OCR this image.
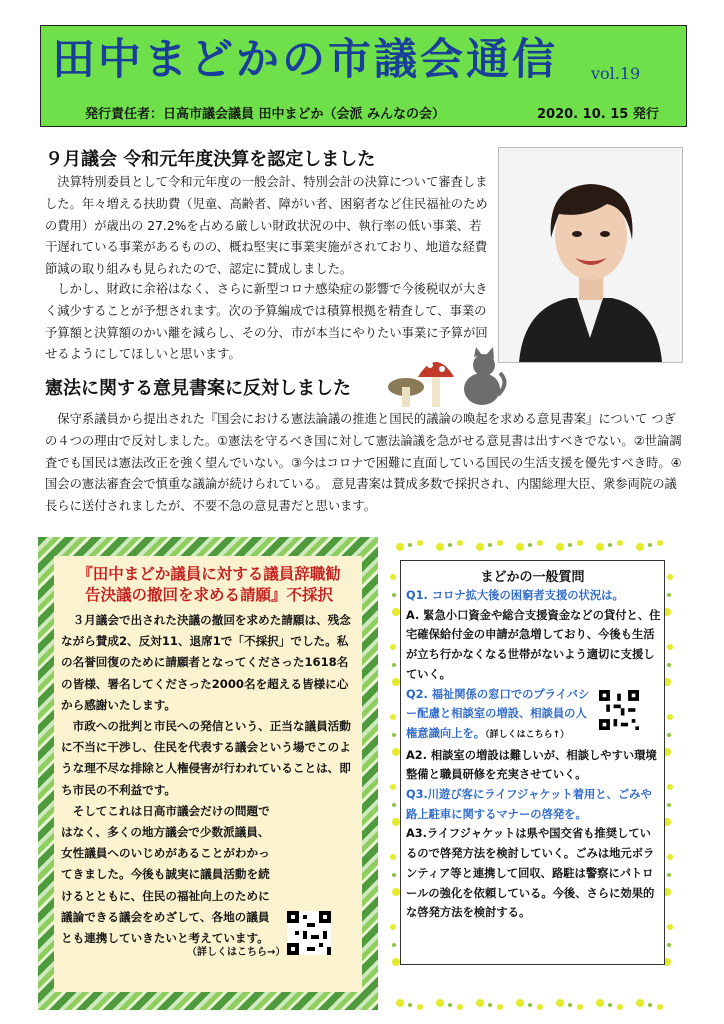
田中まどかの市議会通信	vol.19
発行責任者：日高市議会議員 田中まどか（会派 みんなの会）	2020. 10. 15 発行
９月議会 令和元年度決算を認定しました

決算特別委員として令和元年度の一般会計、特別会計の決算について審査しました。年々増える扶助費（児童、高齢者、障がい者、困窮者など住民福祉のための費用）が歳出の 27.2%を占める厳しい財政状況の中、執行率の低い事業、若干遅れている事業があるものの、概ね堅実に事業実施がされており、地道な経費節減の取り組みも見られたので、認定に賛成しました。

しかし、財政に余裕はなく、さらに新型コロナ感染症の影響で今後税収が大きく減少することが予想されます。次の予算編成では積算根拠を精査して、事業の予算額と決算額のかい離を減らし、その分、市が本当にやりたい事業に予算が回せるようにしてほしいと思います。

憲法に関する意見書案に反対しました

保守系議員から提出された『国会における憲法論議の推進と国民的議論の喚起を求める意見書案』について つぎの４つの理由で反対しました。①憲法を守るべき国に対して憲法論議を急がせる意見書は出すべきでない。②世論調査でも国民は憲法改正を強く望んでいない。③今はコロナで困難に直面している国民の生活支援を優先すべき時。④国会の憲法審査会で慎重な議論が続けられている。 意見書案は賛成多数で採択され、内閣総理大臣、衆参両院の議長らに送付されましたが、不要不急の意見書だと思います。

『田中まどか議員に対する議員辞職勧
告決議の撤回を求める請願』不採択

３月議会で出された決議の撤回を求めた請願は、残念ながら賛成2、反対11、退席1で「不採択」でした。私の名誉回復のために請願者となってくださった1618名の皆様、署名してくださった2000名を超える皆様に心から感謝いたします。

市政への批判と市民への発信という、正当な議員活動に不当に干渉し、住民を代表する議会という場でこのような理不尽な排除と人権侵害が行われていることは、即ち市民の不利益です。

そしてこれは日高市議会だけの問題ではなく、多くの地方議会で少数派議員、女性議員へのいじめがあることがわかってきました。今後も誠実に議員活動を続けるとともに、住民の福祉向上のために議論できる議会をめざして、各地の議員とも連携していきたいと考えています。

（詳しくはこちら→）
まどかの一般質問

Q1. コロナ拡大後の困窮者支援の状況は。

A. 緊急小口資金や総合支援資金などの貸付と、住宅確保給付金の申請が急増しており、今後も生活が立ち行かなくなる世帯がないよう適切に支援していく。

Q2. 福祉関係の窓口でのプライバシー配慮と相談室の増設、相談員の人権意識向上を。（詳しくはこちら↑）

A2. 相談室の増設は難しいが、相談しやすい環境整備と職員研修を充実させていく。

Q3.川遊び客にライフジャケット着用と、ごみや路上駐車に関するマナーの啓発を。

A3.ライフジャケットは県や国交省も推奨しているので啓発方法を検討していく。ごみは地元ボランティア等と連携して回収、路駐は警察にパトロールの強化を依頼している。今後、さらに効果的な啓発方法を検討する。
